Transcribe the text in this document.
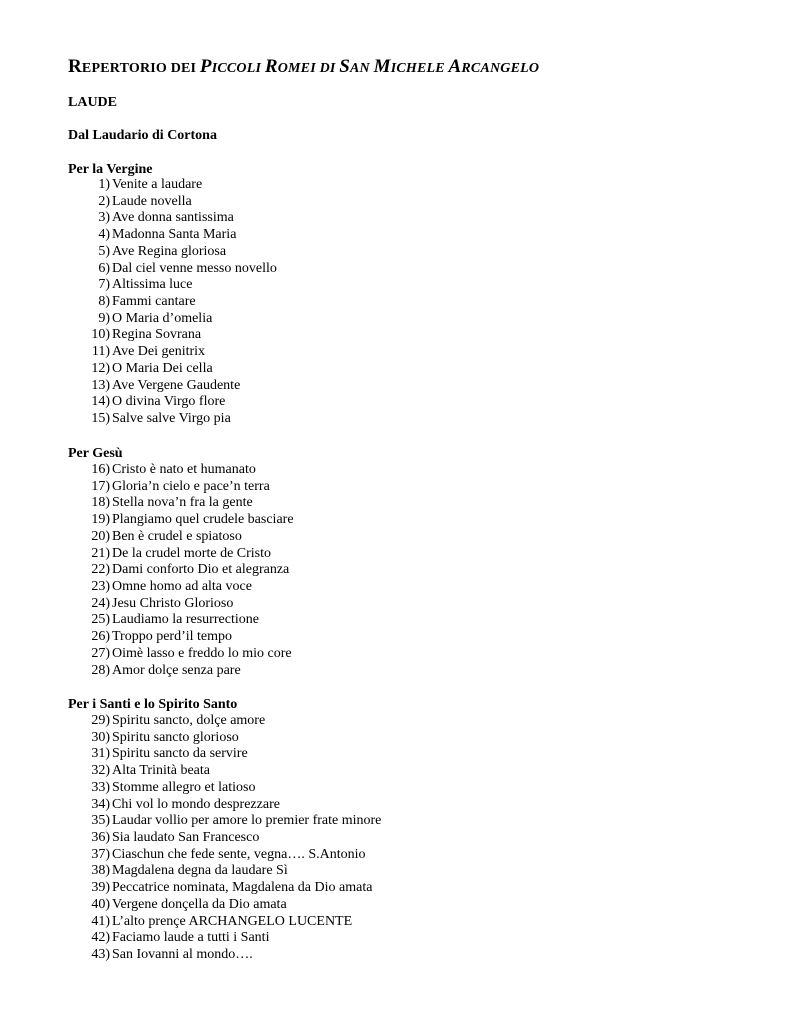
REPERTORIO DEI PICCOLI ROMEI DI SAN MICHELE ARCANGELO
LAUDE
Dal Laudario di Cortona
Per la Vergine
1) Venite a laudare
2) Laude novella
3) Ave donna santissima
4) Madonna Santa Maria
5) Ave Regina gloriosa
6) Dal ciel venne messo novello
7) Altissima luce
8) Fammi cantare
9) O Maria d’omelia
10) Regina Sovrana
11) Ave Dei genitrix
12) O Maria Dei cella
13) Ave Vergene Gaudente
14) O divina Virgo flore
15) Salve salve Virgo pia
Per Gesù
16) Cristo è nato et humanato
17) Gloria’n cielo e pace’n terra
18) Stella nova’n fra la gente
19) Plangiamo quel crudele basciare
20) Ben è crudel e spiatoso
21) De la crudel morte de Cristo
22) Dami conforto Dio et alegranza
23) Omne homo ad alta voce
24) Jesu Christo Glorioso
25) Laudiamo la resurrectione
26) Troppo perd’il tempo
27) Oimè lasso e freddo lo mio core
28) Amor dolçe senza pare
Per i Santi e lo Spirito Santo
29) Spiritu sancto, dolçe amore
30) Spiritu sancto glorioso
31) Spiritu sancto da servire
32) Alta Trinità beata
33) Stomme allegro et latioso
34) Chi vol lo mondo desprezzare
35) Laudar vollio per amore lo premier frate minore
36) Sia laudato San Francesco
37) Ciaschun che fede sente, vegna…. S.Antonio
38) Magdalena degna da laudare Sì
39) Peccatrice nominata, Magdalena da Dio amata
40) Vergene donçella da Dio amata
41) L’alto prençe ARCHANGELO LUCENTE
42) Faciamo laude a tutti i Santi
43) San Iovanni al mondo….
